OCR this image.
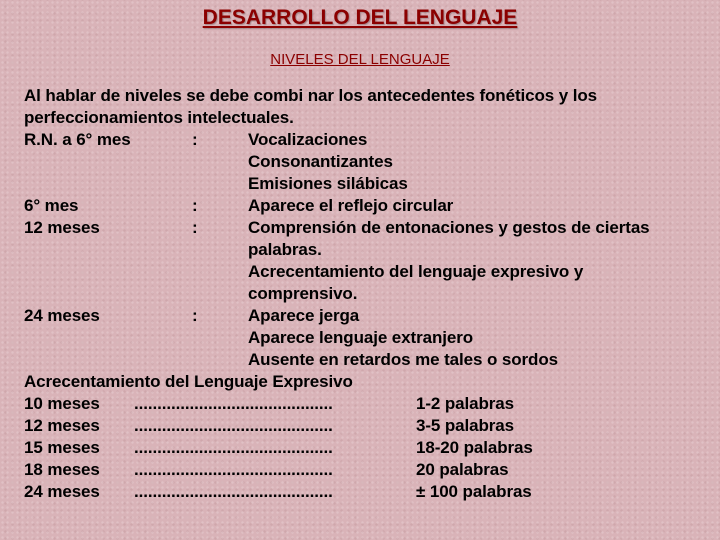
DESARROLLO DEL LENGUAJE
NIVELES DEL LENGUAJE
Al hablar de niveles se debe combi nar los antecedentes fonéticos y los
perfeccionamientos intelectuales.
R.N. a 6° mes	:	Vocalizaciones
Consonantizantes
Emisiones silábicas
6° mes	:	Aparece el reflejo circular
12 meses	:	Comprensión de entonaciones y gestos de ciertas
palabras.
Acrecentamiento del lenguaje expresivo y
comprensivo.
24 meses	:	Aparece jerga
Aparece lenguaje extranjero
Ausente en retardos me tales o sordos
Acrecentamiento del Lenguaje Expresivo
10 meses ...........................................	1-2 palabras
12 meses ...........................................	3-5 palabras
15 meses ...........................................	18-20 palabras
18 meses ...........................................	20 palabras
24 meses ...........................................	± 100 palabras
